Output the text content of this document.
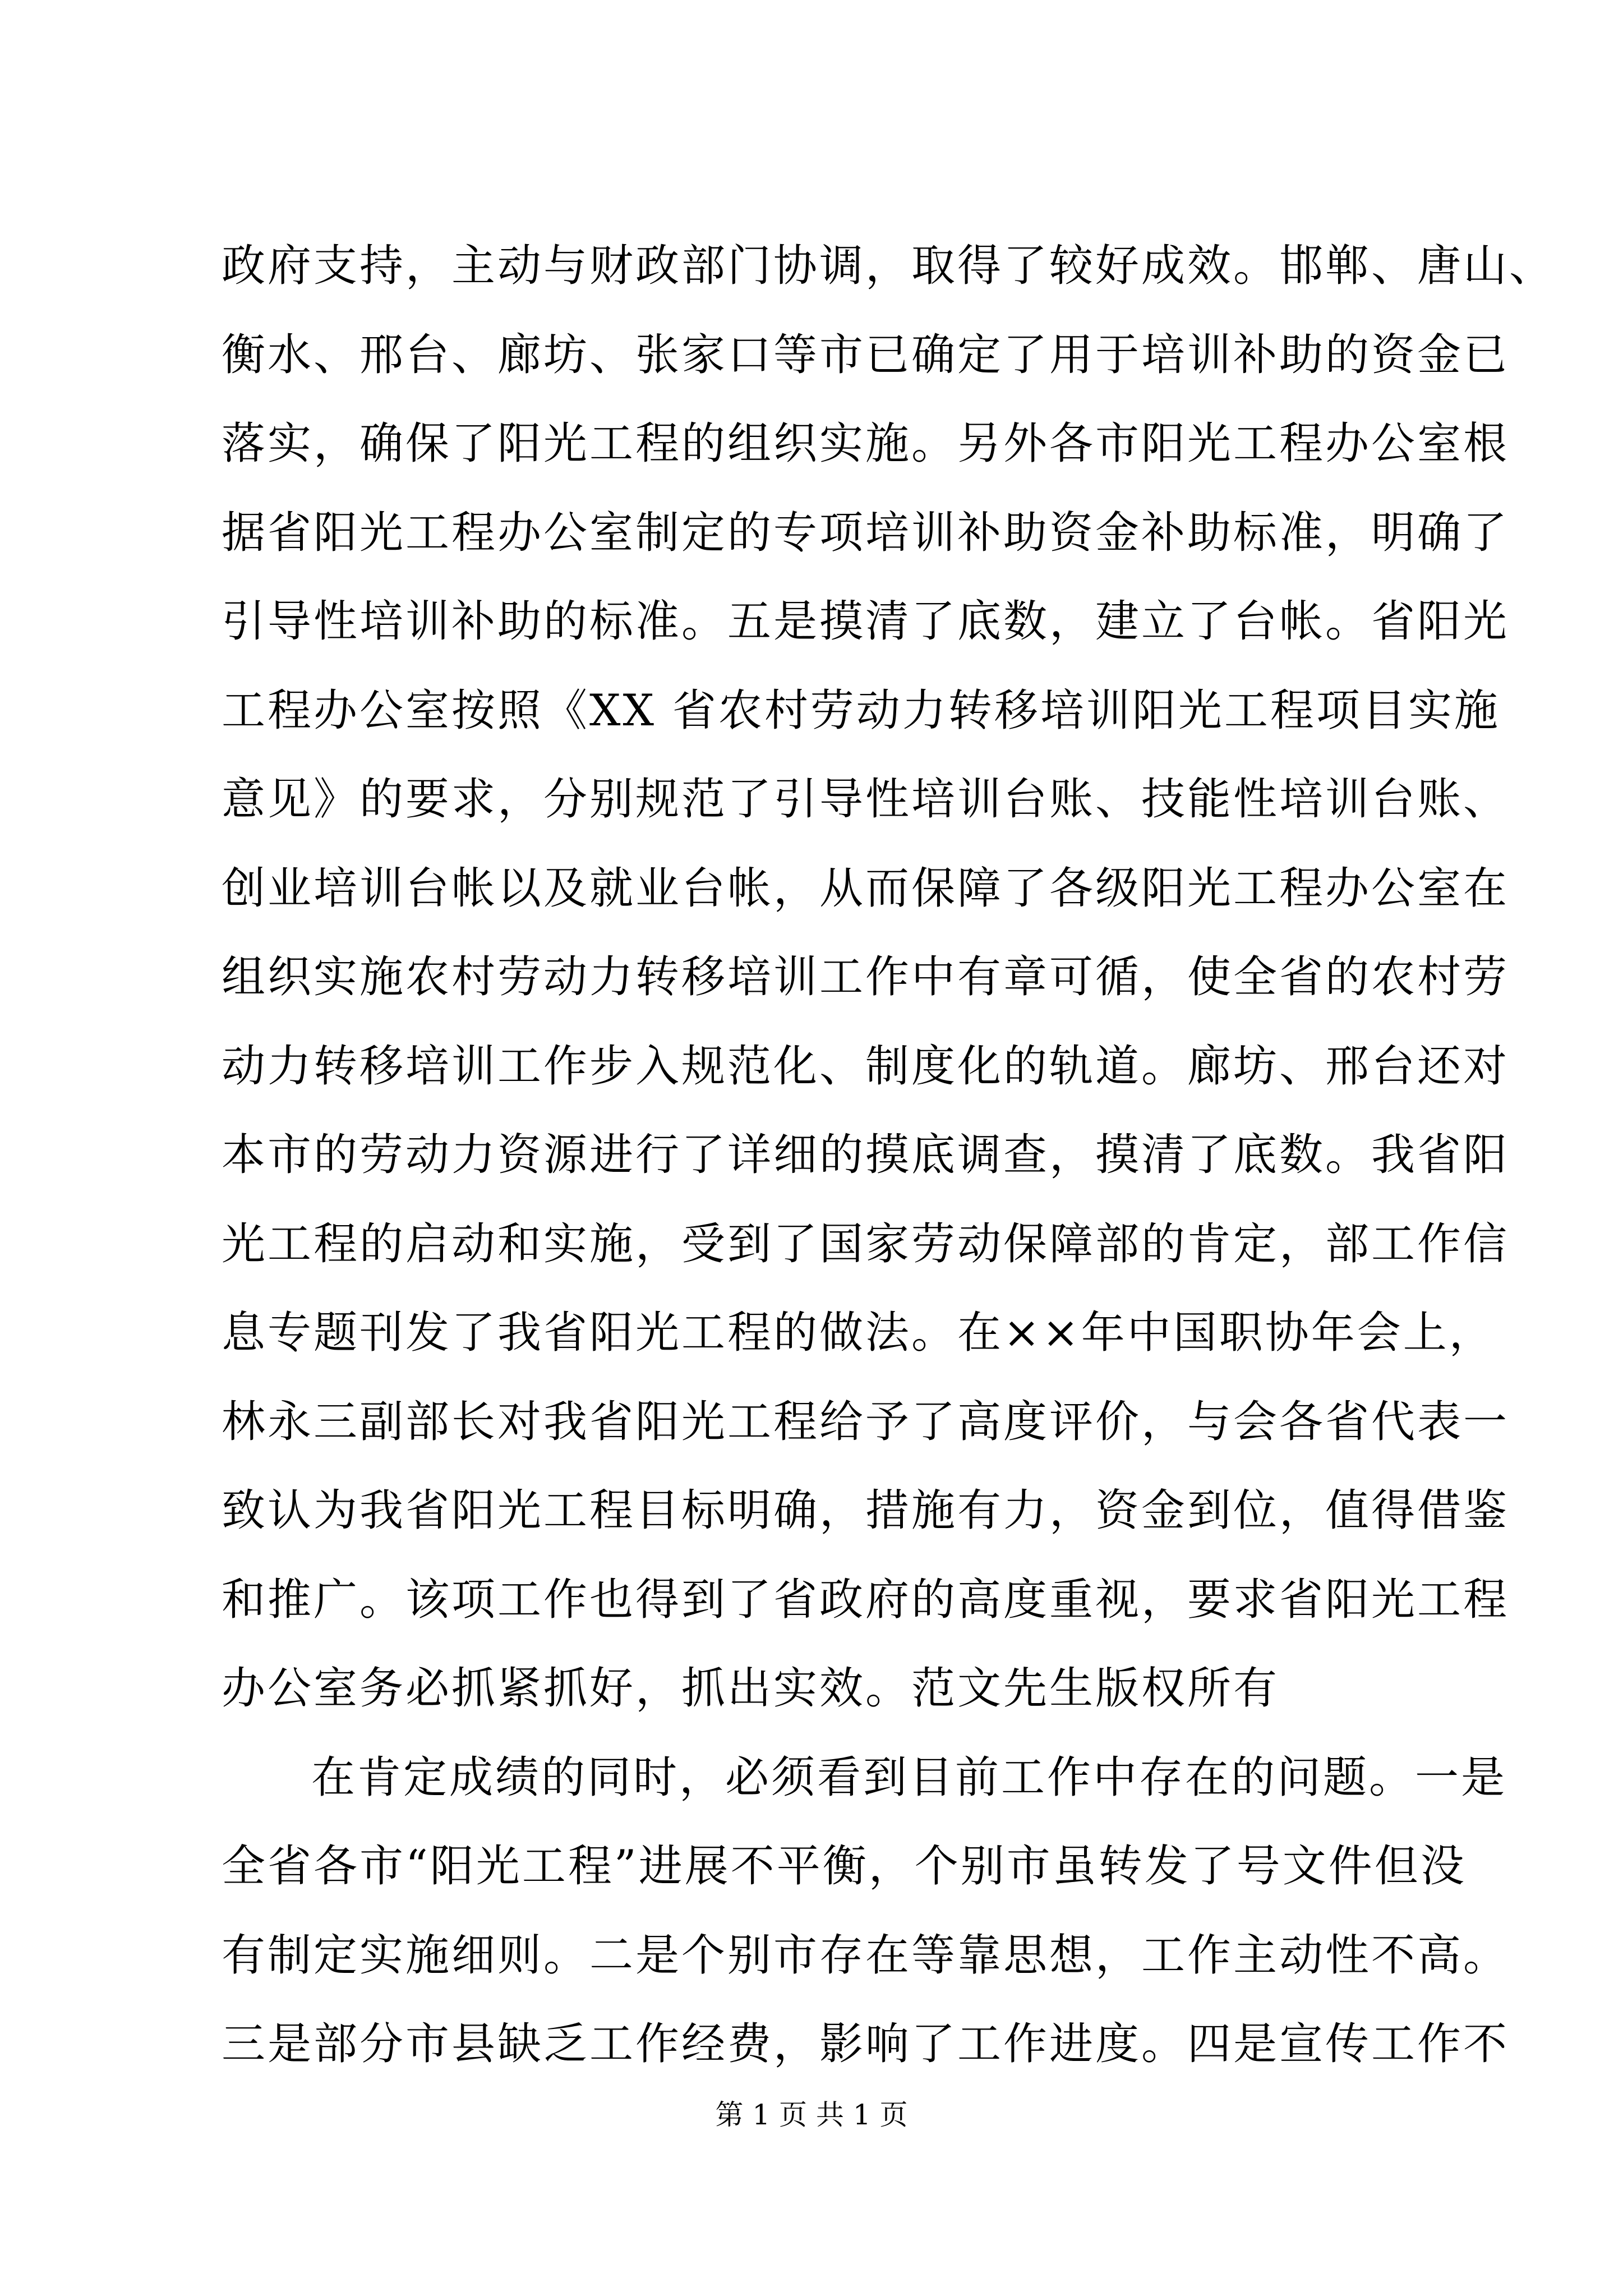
政府支持，主动与财政部门协调，取得了较好成效。邯郸、唐山、
衡水、邢台、廊坊、张家口等市已确定了用于培训补助的资金已
落实，确保了阳光工程的组织实施。另外各市阳光工程办公室根
据省阳光工程办公室制定的专项培训补助资金补助标准，明确了
引导性培训补助的标准。五是摸清了底数，建立了台帐。省阳光
工程办公室按照《XX 省农村劳动力转移培训阳光工程项目实施
意见》的要求，分别规范了引导性培训台账、技能性培训台账、
创业培训台帐以及就业台帐，从而保障了各级阳光工程办公室在
组织实施农村劳动力转移培训工作中有章可循，使全省的农村劳
动力转移培训工作步入规范化、制度化的轨道。廊坊、邢台还对
本市的劳动力资源进行了详细的摸底调查，摸清了底数。我省阳
光工程的启动和实施，受到了国家劳动保障部的肯定，部工作信
息专题刊发了我省阳光工程的做法。在××年中国职协年会上，
林永三副部长对我省阳光工程给予了高度评价，与会各省代表一
致认为我省阳光工程目标明确，措施有力，资金到位，值得借鉴
和推广。该项工作也得到了省政府的高度重视，要求省阳光工程
办公室务必抓紧抓好，抓出实效。范文先生版权所有
在肯定成绩的同时，必须看到目前工作中存在的问题。一是
全省各市“阳光工程”进展不平衡，个别市虽转发了号文件但没
有制定实施细则。二是个别市存在等靠思想，工作主动性不高。
三是部分市县缺乏工作经费，影响了工作进度。四是宣传工作不
第 1 页 共 1 页
